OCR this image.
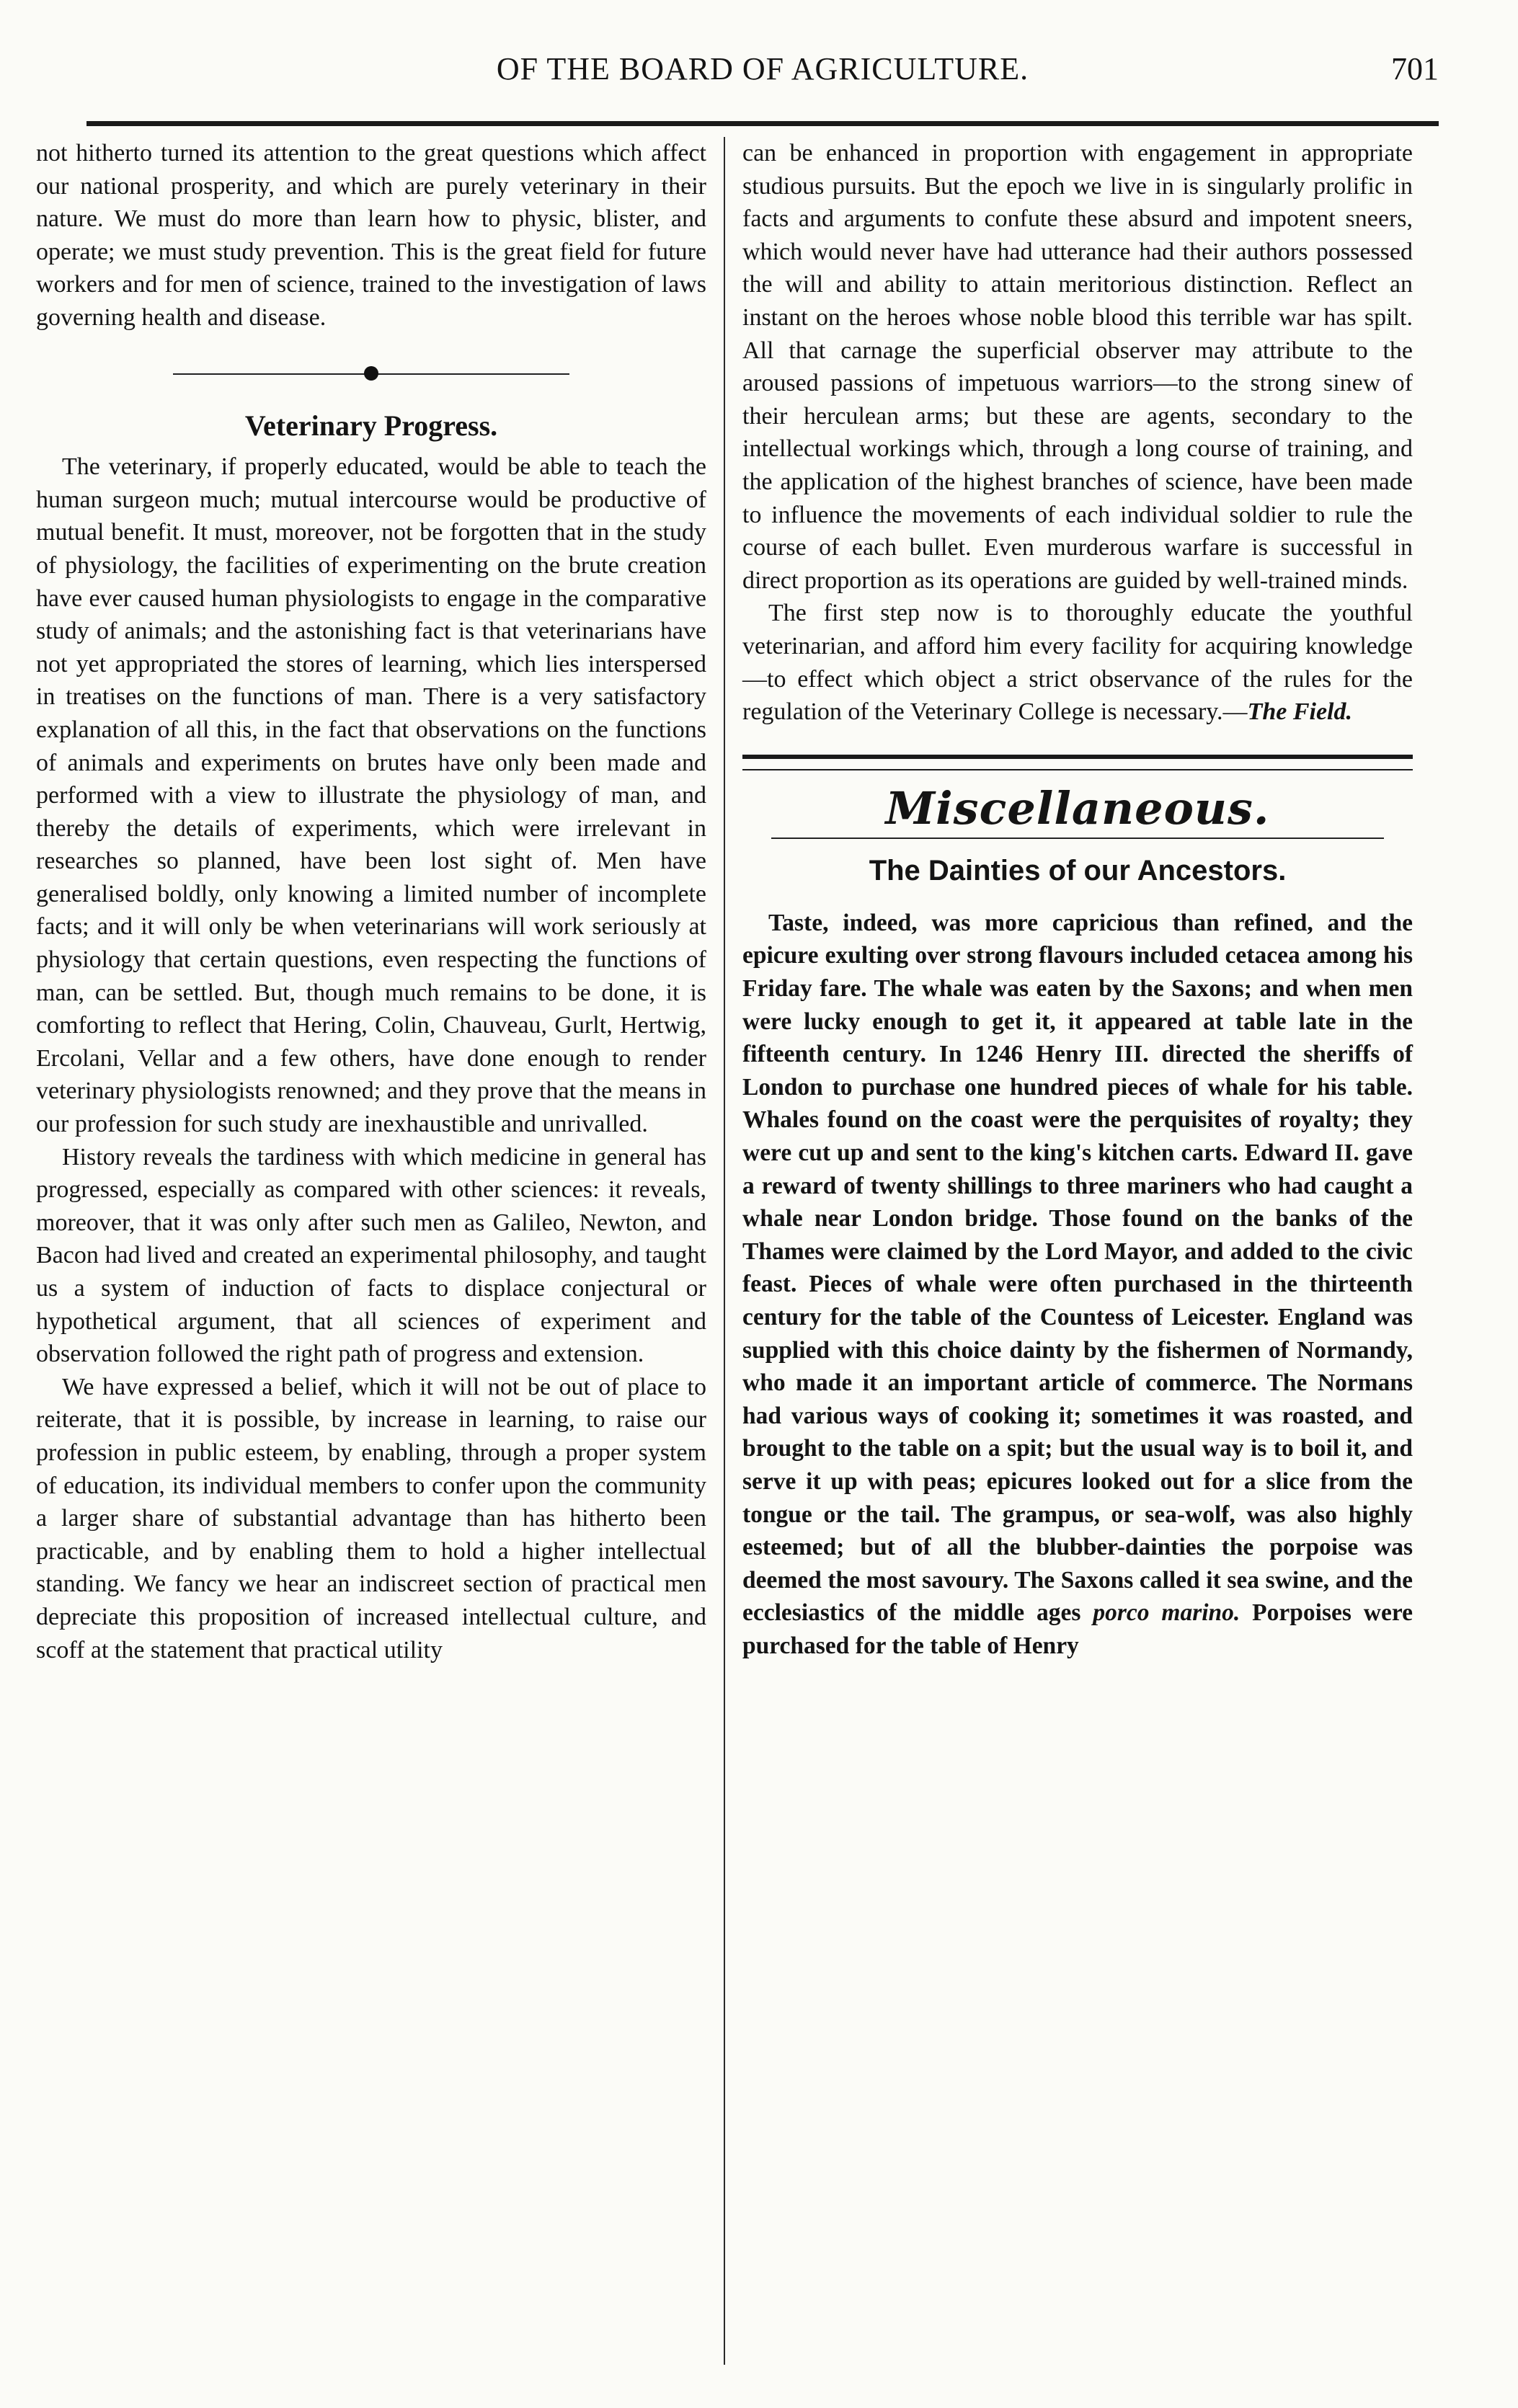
OF THE BOARD OF AGRICULTURE.	701

not hitherto turned its attention to the great questions which affect our national prosperity, and which are purely veterinary in their nature. We must do more than learn how to physic, blister, and operate; we must study prevention. This is the great field for future workers and for men of science, trained to the investigation of laws governing health and disease.

Veterinary Progress.

The veterinary, if properly educated, would be able to teach the human surgeon much; mutual intercourse would be productive of mutual benefit. It must, moreover, not be forgotten that in the study of physiology, the facilities of experimenting on the brute creation have ever caused human physiologists to engage in the comparative study of animals; and the astonishing fact is that veterinarians have not yet appropriated the stores of learning, which lies interspersed in treatises on the functions of man. There is a very satisfactory explanation of all this, in the fact that observations on the functions of animals and experiments on brutes have only been made and performed with a view to illustrate the physiology of man, and thereby the details of experiments, which were irrelevant in researches so planned, have been lost sight of. Men have generalised boldly, only knowing a limited number of incomplete facts; and it will only be when veterinarians will work seriously at physiology that certain questions, even respecting the functions of man, can be settled. But, though much remains to be done, it is comforting to reflect that Hering, Colin, Chauveau, Gurlt, Hertwig, Ercolani, Vellar and a few others, have done enough to render veterinary physiologists renowned; and they prove that the means in our profession for such study are inexhaustible and unrivalled.

History reveals the tardiness with which medicine in general has progressed, especially as compared with other sciences: it reveals, moreover, that it was only after such men as Galileo, Newton, and Bacon had lived and created an experimental philosophy, and taught us a system of induction of facts to displace conjectural or hypothetical argument, that all sciences of experiment and observation followed the right path of progress and extension.

We have expressed a belief, which it will not be out of place to reiterate, that it is possible, by increase in learning, to raise our profession in public esteem, by enabling, through a proper system of education, its individual members to confer upon the community a larger share of substantial advantage than has hitherto been practicable, and by enabling them to hold a higher intellectual standing. We fancy we hear an indiscreet section of practical men depreciate this proposition of increased intellectual culture, and scoff at the statement that practical utility

can be enhanced in proportion with engagement in appropriate studious pursuits. But the epoch we live in is singularly prolific in facts and arguments to confute these absurd and impotent sneers, which would never have had utterance had their authors possessed the will and ability to attain meritorious distinction. Reflect an instant on the heroes whose noble blood this terrible war has spilt. All that carnage the superficial observer may attribute to the aroused passions of impetuous warriors—to the strong sinew of their herculean arms; but these are agents, secondary to the intellectual workings which, through a long course of training, and the application of the highest branches of science, have been made to influence the movements of each individual soldier to rule the course of each bullet. Even murderous warfare is successful in direct proportion as its operations are guided by well-trained minds.

The first step now is to thoroughly educate the youthful veterinarian, and afford him every facility for acquiring knowledge—to effect which object a strict observance of the rules for the regulation of the Veterinary College is necessary.—The Field.

Miscellaneous.
The Dainties of our Ancestors.

Taste, indeed, was more capricious than refined, and the epicure exulting over strong flavours included cetacea among his Friday fare. The whale was eaten by the Saxons; and when men were lucky enough to get it, it appeared at table late in the fifteenth century. In 1246 Henry III. directed the sheriffs of London to purchase one hundred pieces of whale for his table. Whales found on the coast were the perquisites of royalty; they were cut up and sent to the king's kitchen carts. Edward II. gave a reward of twenty shillings to three mariners who had caught a whale near London bridge. Those found on the banks of the Thames were claimed by the Lord Mayor, and added to the civic feast. Pieces of whale were often purchased in the thirteenth century for the table of the Countess of Leicester. England was supplied with this choice dainty by the fishermen of Normandy, who made it an important article of commerce. The Normans had various ways of cooking it; sometimes it was roasted, and brought to the table on a spit; but the usual way is to boil it, and serve it up with peas; epicures looked out for a slice from the tongue or the tail. The grampus, or sea-wolf, was also highly esteemed; but of all the blubber-dainties the porpoise was deemed the most savoury. The Saxons called it sea swine, and the ecclesiastics of the middle ages porco marino. Porpoises were purchased for the table of Henry
